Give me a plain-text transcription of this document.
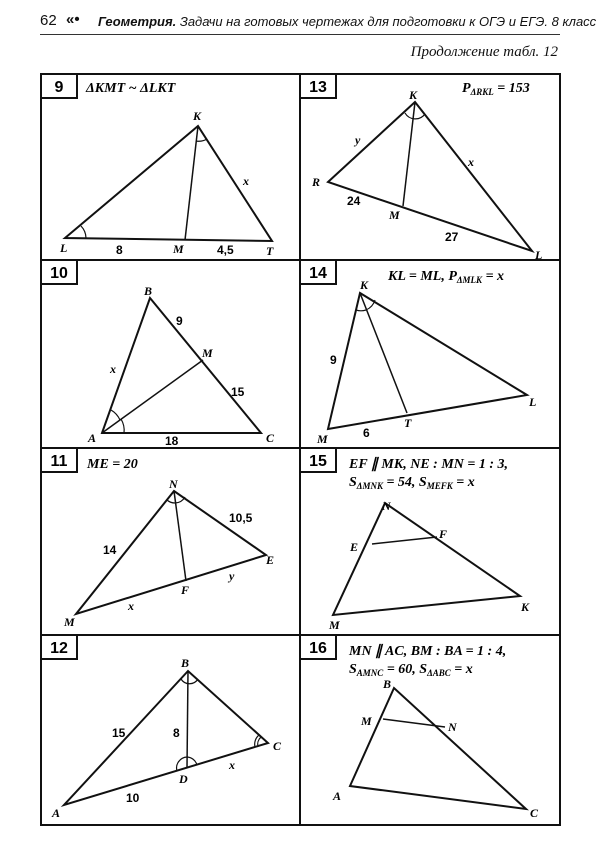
62 «• Геометрия. Задачи на готовых чертежах для подготовки к ОГЭ и ЕГЭ. 8 класс
Продолжение табл. 12
9 ΔKMT ~ ΔLKT
K
L	M	T
x
8	4,5
13	$P_{\Delta RKL} = 153$
K
R
M
L
y
x
24
27
10
B
M
A	C
x
9
15
18
14	KL = ML, $P_{\Delta MLK} = x$
K
L
M
T
9
6
11 ME = 20
N
E
F
M
x
y
14
10,5
15 EF ∥ MK, NE : MN = 1 : 3,
$S_{\Delta MNK} = 54$, $S_{MEFK} = x$
N
E
F
M
K
12
B
C
D
A
x
15	8
10
16 MN ∥ AC, BM : BA = 1 : 4,
$S_{AMNC} = 60$, $S_{\Delta ABC} = x$
B
M	N
A
C
